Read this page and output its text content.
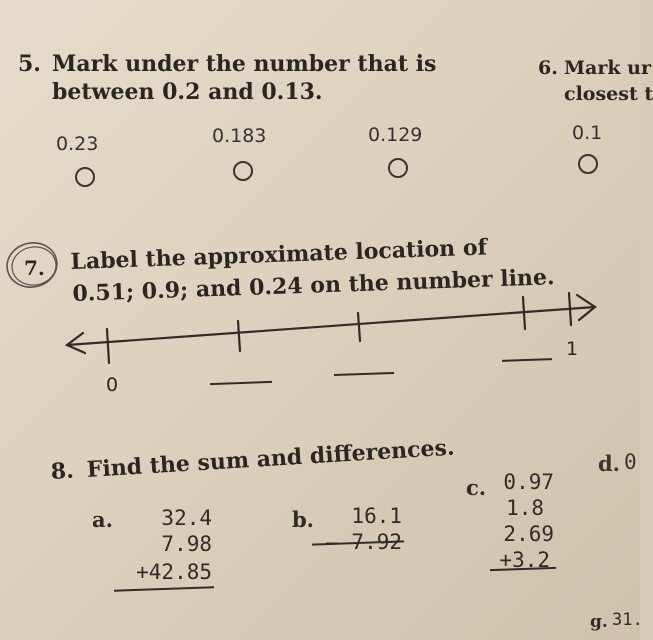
5. Mark under the number that is
between 0.2 and 0.13.
0.23	0.183	0.129
6. Mark ur
closest t
0.1
7. Label the approximate location of
0.51; 0.9; and 0.24 on the number line.
0
1
8. Find the sum and differences.
a.	32.4
7.98
+42.85
b.	16.1
– 7.92
c. 0.97
1.8
2.69
+3.2
d. 0
g. 31.
